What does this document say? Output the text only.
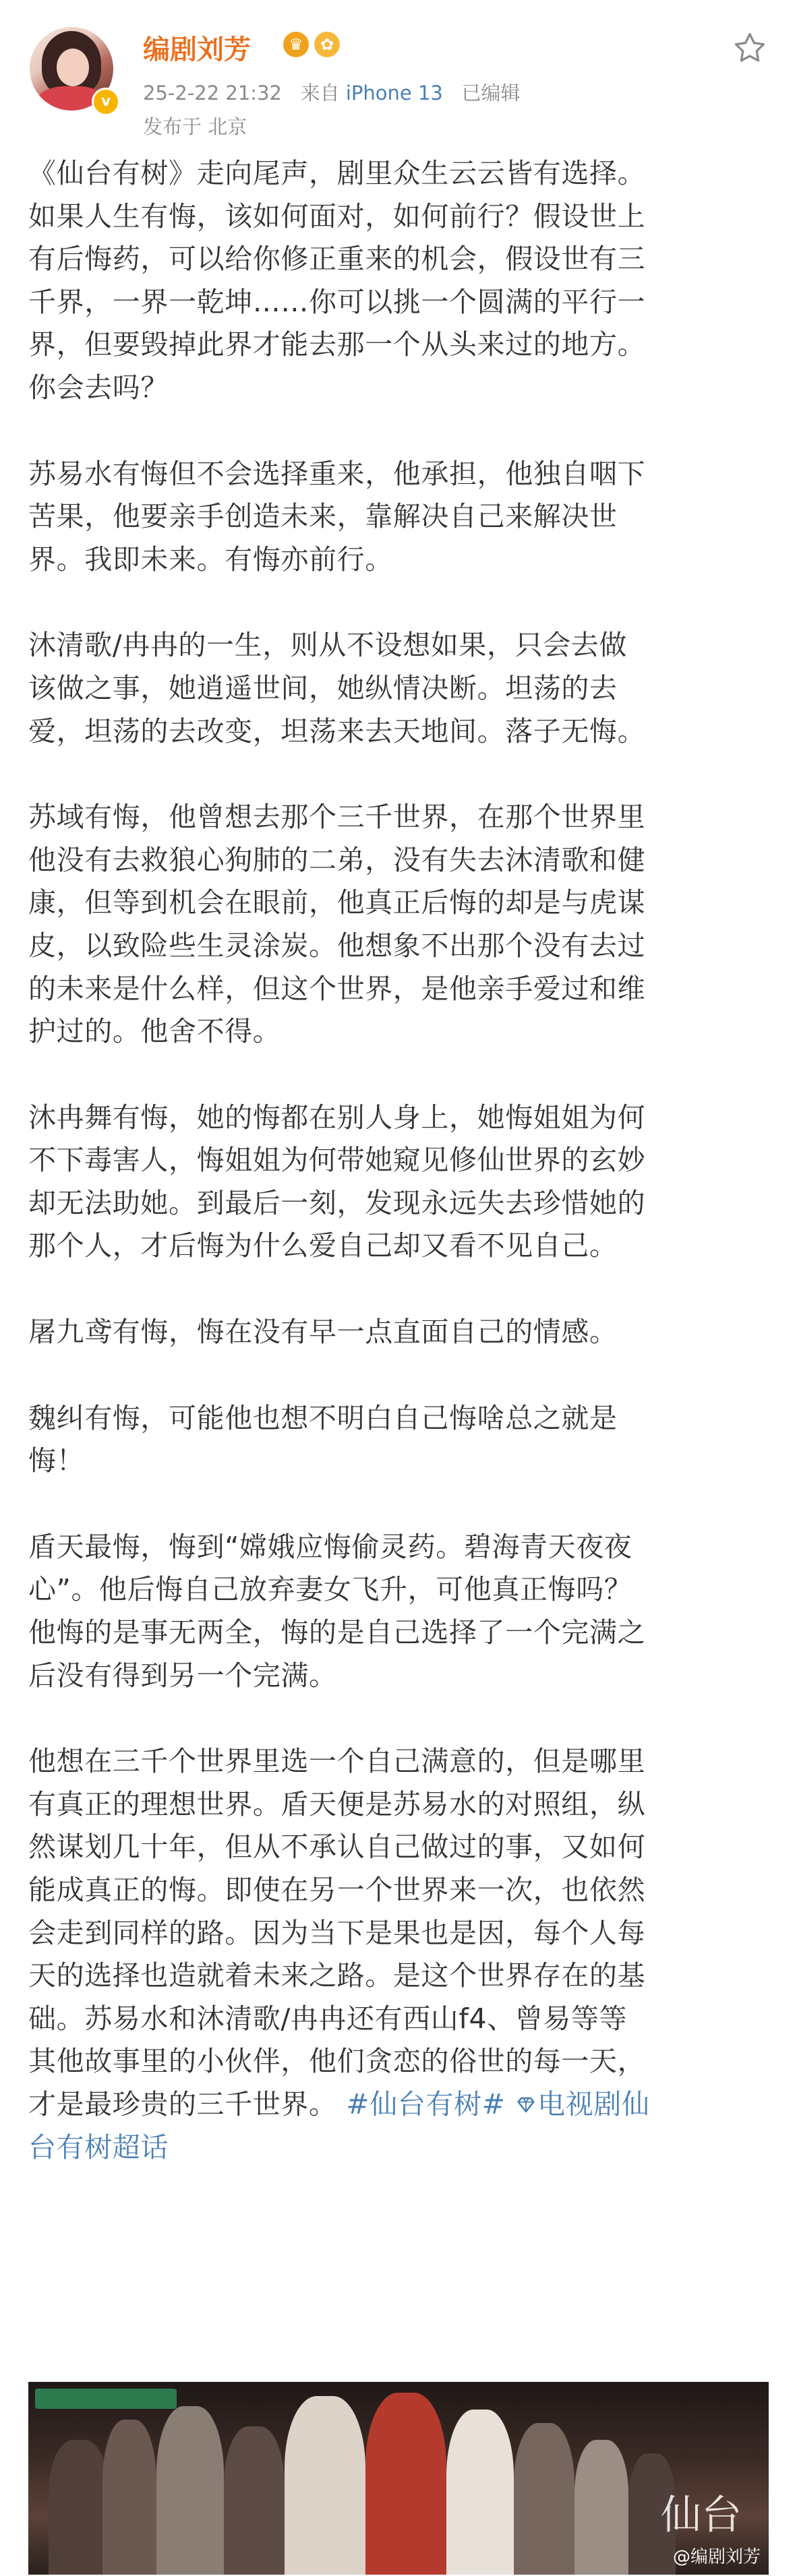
v
编剧刘芳	♛	✿
25-2-22 21:32 来自 iPhone 13 已编辑
发布于 北京
《仙台有树》走向尾声，剧里众生云云皆有选择。
如果人生有悔，该如何面对，如何前行？假设世上
有后悔药，可以给你修正重来的机会，假设世有三
千界，一界一乾坤……你可以挑一个圆满的平行一
界，但要毁掉此界才能去那一个从头来过的地方。
你会去吗？
苏易水有悔但不会选择重来，他承担，他独自咽下
苦果，他要亲手创造未来，靠解决自己来解决世
界。我即未来。有悔亦前行。
沐清歌/冉冉的一生，则从不设想如果，只会去做
该做之事，她逍遥世间，她纵情决断。坦荡的去
爱，坦荡的去改变，坦荡来去天地间。落子无悔。
苏域有悔，他曾想去那个三千世界，在那个世界里
他没有去救狼心狗肺的二弟，没有失去沐清歌和健
康，但等到机会在眼前，他真正后悔的却是与虎谋
皮，以致险些生灵涂炭。他想象不出那个没有去过
的未来是什么样，但这个世界，是他亲手爱过和维
护过的。他舍不得。
沐冉舞有悔，她的悔都在别人身上，她悔姐姐为何
不下毒害人，悔姐姐为何带她窥见修仙世界的玄妙
却无法助她。到最后一刻，发现永远失去珍惜她的
那个人，才后悔为什么爱自己却又看不见自己。
屠九鸢有悔，悔在没有早一点直面自己的情感。
魏纠有悔，可能他也想不明白自己悔啥总之就是
悔！
盾天最悔，悔到“嫦娥应悔偷灵药。碧海青天夜夜
心”。他后悔自己放弃妻女飞升，可他真正悔吗？
他悔的是事无两全，悔的是自己选择了一个完满之
后没有得到另一个完满。
他想在三千个世界里选一个自己满意的，但是哪里
有真正的理想世界。盾天便是苏易水的对照组，纵
然谋划几十年，但从不承认自己做过的事，又如何
能成真正的悔。即使在另一个世界来一次，也依然
会走到同样的路。因为当下是果也是因，每个人每
天的选择也造就着未来之路。是这个世界存在的基
础。苏易水和沐清歌/冉冉还有西山f4、曾易等等
其他故事里的小伙伴，他们贪恋的俗世的每一天，
才是最珍贵的三千世界。 #仙台有树# 电视剧仙
台有树超话
仙台
@编剧刘芳
